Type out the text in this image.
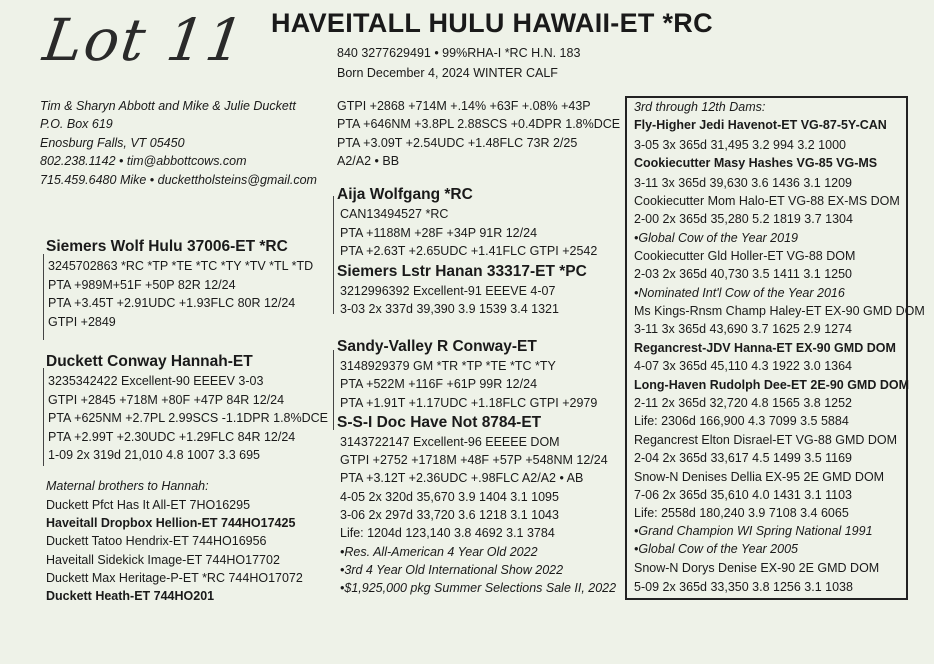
Lot 11 HAVEITALL HULU HAWAII-ET *RC
840 3277629491 • 99%RHA-I *RC H.N. 183
Born December 4, 2024 WINTER CALF
Tim & Sharyn Abbott and Mike & Julie Duckett
P.O. Box 619
Enosburg Falls, VT 05450
802.238.1142 • tim@abbottcows.com
715.459.6480 Mike • duckettholsteins@gmail.com
GTPI +2868 +714M +.14% +63F +.08% +43P
PTA +646NM +3.8PL 2.88SCS +0.4DPR 1.8%DCE
PTA +3.09T +2.54UDC +1.48FLC 73R 2/25
A2/A2 • BB
Siemers Wolf Hulu 37006-ET *RC
3245702863 *RC *TP *TE *TC *TY *TV *TL *TD
PTA +989M+51F +50P 82R 12/24
PTA +3.45T +2.91UDC +1.93FLC 80R 12/24
GTPI +2849
Aija Wolfgang *RC
CAN13494527 *RC
PTA +1188M +28F +34P 91R 12/24
PTA +2.63T +2.65UDC +1.41FLC GTPI +2542
Siemers Lstr Hanan 33317-ET *PC
3212996392 Excellent-91 EEEVE 4-07
3-03 2x 337d 39,390 3.9 1539 3.4 1321
Duckett Conway Hannah-ET
3235342422 Excellent-90 EEEEV 3-03
GTPI +2845 +718M +80F +47P 84R 12/24
PTA +625NM +2.7PL 2.99SCS -1.1DPR 1.8%DCE
PTA +2.99T +2.30UDC +1.29FLC 84R 12/24
1-09 2x 319d 21,010 4.8 1007 3.3 695
Sandy-Valley R Conway-ET
3148929379 GM *TR *TP *TE *TC *TY
PTA +522M +116F +61P 99R 12/24
PTA +1.91T +1.17UDC +1.18FLC GTPI +2979
S-S-I Doc Have Not 8784-ET
3143722147 Excellent-96 EEEEE DOM
GTPI +2752 +1718M +48F +57P +548NM 12/24
PTA +3.12T +2.36UDC +.98FLC A2/A2 • AB
4-05 2x 320d 35,670 3.9 1404 3.1 1095
3-06 2x 297d 33,720 3.6 1218 3.1 1043
Life: 1204d 123,140 3.8 4692 3.1 3784
•Res. All-American 4 Year Old 2022
•3rd 4 Year Old International Show 2022
•$1,925,000 pkg Summer Selections Sale II, 2022
Maternal brothers to Hannah:
Duckett Pfct Has It All-ET 7HO16295
Haveitall Dropbox Hellion-ET 744HO17425
Duckett Tatoo Hendrix-ET 744HO16956
Haveitall Sidekick Image-ET 744HO17702
Duckett Max Heritage-P-ET *RC 744HO17072
Duckett Heath-ET 744HO201
3rd through 12th Dams:
Fly-Higher Jedi Havenot-ET VG-87-5Y-CAN
3-05 3x 365d 31,495 3.2 994 3.2 1000
Cookiecutter Masy Hashes VG-85 VG-MS
3-11 3x 365d 39,630 3.6 1436 3.1 1209
Cookiecutter Mom Halo-ET VG-88 EX-MS DOM
2-00 2x 365d 35,280 5.2 1819 3.7 1304
•Global Cow of the Year 2019
Cookiecutter Gld Holler-ET VG-88 DOM
2-03 2x 365d 40,730 3.5 1411 3.1 1250
•Nominated Int'l Cow of the Year 2016
Ms Kings-Rnsm Champ Haley-ET EX-90 GMD DOM
3-11 3x 365d 43,690 3.7 1625 2.9 1274
Regancrest-JDV Hanna-ET EX-90 GMD DOM
4-07 3x 365d 45,110 4.3 1922 3.0 1364
Long-Haven Rudolph Dee-ET 2E-90 GMD DOM
2-11 2x 365d 32,720 4.8 1565 3.8 1252
Life: 2306d 166,900 4.3 7099 3.5 5884
Regancrest Elton Disrael-ET VG-88 GMD DOM
2-04 2x 365d 33,617 4.5 1499 3.5 1169
Snow-N Denises Dellia EX-95 2E GMD DOM
7-06 2x 365d 35,610 4.0 1431 3.1 1103
Life: 2558d 180,240 3.9 7108 3.4 6065
•Grand Champion WI Spring National 1991
•Global Cow of the Year 2005
Snow-N Dorys Denise EX-90 2E GMD DOM
5-09 2x 365d 33,350 3.8 1256 3.1 1038
